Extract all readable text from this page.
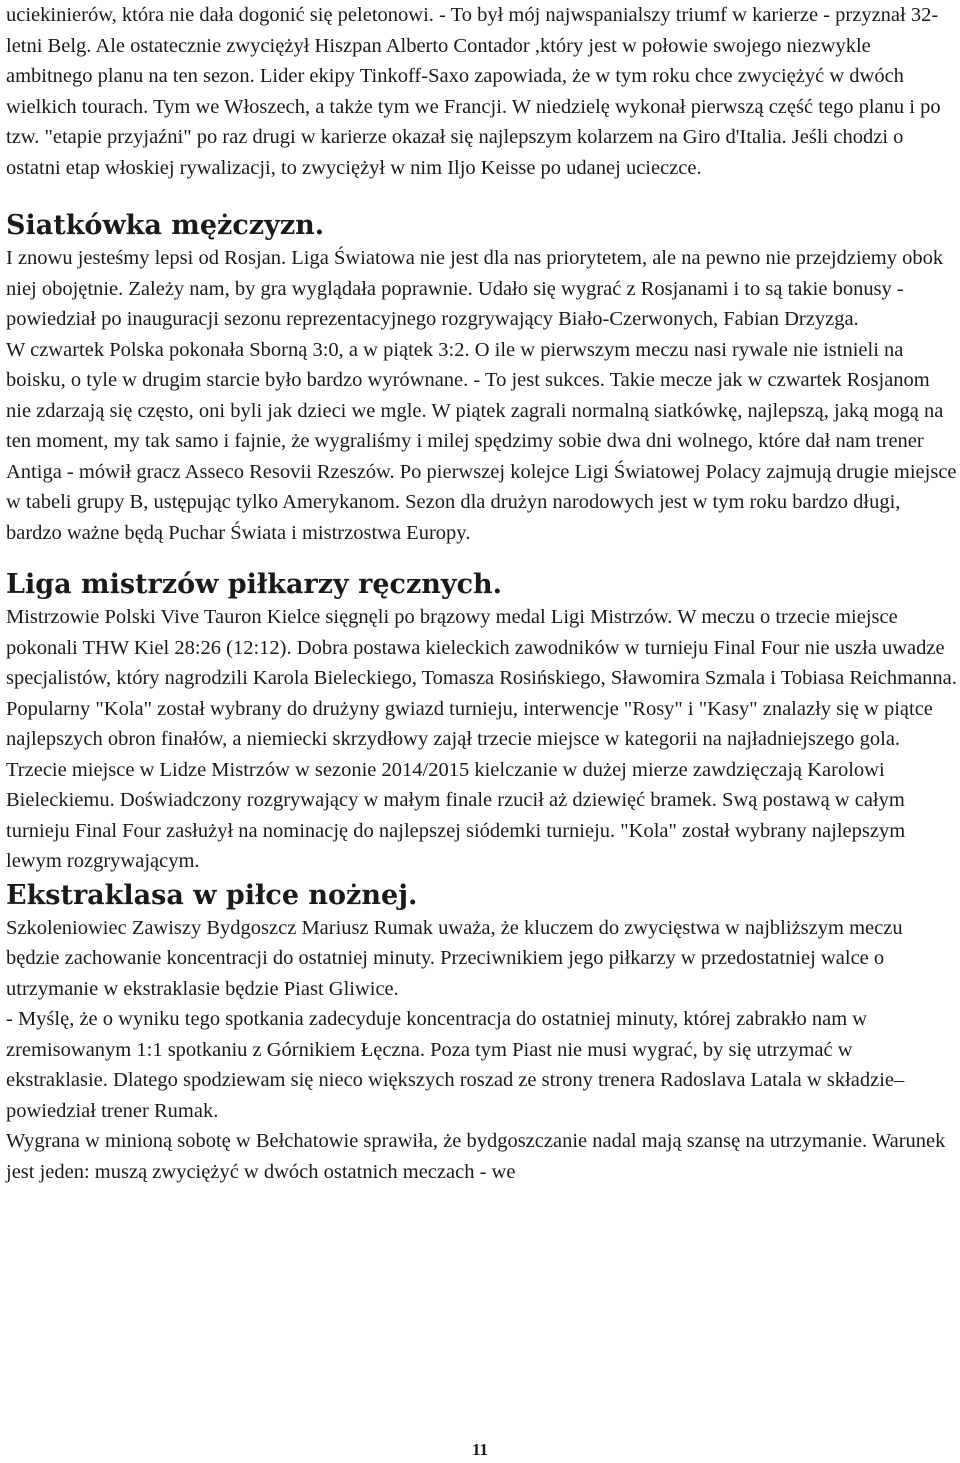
uciekinierów, która nie dała dogonić się peletonowi. - To był mój najwspanialszy triumf w karierze - przyznał 32-letni Belg. Ale ostatecznie zwyciężył Hiszpan Alberto Contador ,który jest w połowie swojego niezwykle ambitnego planu na ten sezon. Lider ekipy Tinkoff-Saxo zapowiada, że w tym roku chce zwyciężyć w dwóch wielkich tourach. Tym we Włoszech, a także tym we Francji. W niedzielę wykonał pierwszą część tego planu i po tzw. "etapie przyjaźni" po raz drugi w karierze okazał się najlepszym kolarzem na Giro d'Italia. Jeśli chodzi o ostatni etap włoskiej rywalizacji, to zwyciężył w nim Iljo Keisse po udanej ucieczce.

Siatkówka mężczyzn.

I znowu jesteśmy lepsi od Rosjan. Liga Światowa nie jest dla nas priorytetem, ale na pewno nie przejdziemy obok niej obojętnie. Zależy nam, by gra wyglądała poprawnie. Udało się wygrać z Rosjanami i to są takie bonusy - powiedział po inauguracji sezonu reprezentacyjnego rozgrywający Biało-Czerwonych, Fabian Drzyzga.

W czwartek Polska pokonała Sborną 3:0, a w piątek 3:2. O ile w pierwszym meczu nasi rywale nie istnieli na boisku, o tyle w drugim starcie było bardzo wyrównane. - To jest sukces. Takie mecze jak w czwartek Rosjanom nie zdarzają się często, oni byli jak dzieci we mgle. W piątek zagrali normalną siatkówkę, najlepszą, jaką mogą na ten moment, my tak samo i fajnie, że wygraliśmy i milej spędzimy sobie dwa dni wolnego, które dał nam trener Antiga - mówił gracz Asseco Resovii Rzeszów. Po pierwszej kolejce Ligi Światowej Polacy zajmują drugie miejsce w tabeli grupy B, ustępując tylko Amerykanom. Sezon dla drużyn narodowych jest w tym roku bardzo długi, bardzo ważne będą Puchar Świata i mistrzostwa Europy.

Liga mistrzów piłkarzy ręcznych.

Mistrzowie Polski Vive Tauron Kielce sięgnęli po brązowy medal Ligi Mistrzów. W meczu o trzecie miejsce pokonali THW Kiel 28:26 (12:12). Dobra postawa kieleckich zawodników w turnieju Final Four nie uszła uwadze specjalistów, który nagrodzili Karola Bieleckiego, Tomasza Rosińskiego, Sławomira Szmala i Tobiasa Reichmanna. Popularny "Kola" został wybrany do drużyny gwiazd turnieju, interwencje "Rosy" i "Kasy" znalazły się w piątce najlepszych obron finałów, a niemiecki skrzydłowy zajął trzecie miejsce w kategorii na najładniejszego gola. Trzecie miejsce w Lidze Mistrzów w sezonie 2014/2015 kielczanie w dużej mierze zawdzięczają Karolowi Bieleckiemu. Doświadczony rozgrywający w małym finale rzucił aż dziewięć bramek. Swą postawą w całym turnieju Final Four zasłużył na nominację do najlepszej siódemki turnieju. "Kola" został wybrany najlepszym lewym rozgrywającym.

Ekstraklasa w piłce nożnej.

Szkoleniowiec Zawiszy Bydgoszcz Mariusz Rumak uważa, że kluczem do zwycięstwa w najbliższym meczu będzie zachowanie koncentracji do ostatniej minuty. Przeciwnikiem jego piłkarzy w przedostatniej walce o utrzymanie w ekstraklasie będzie Piast Gliwice.

- Myślę, że o wyniku tego spotkania zadecyduje koncentracja do ostatniej minuty, której zabrakło nam w zremisowanym 1:1 spotkaniu z Górnikiem Łęczna. Poza tym Piast nie musi wygrać, by się utrzymać w ekstraklasie. Dlatego spodziewam się nieco większych roszad ze strony trenera Radoslava Latala w składzie– powiedział trener Rumak.

Wygrana w minioną sobotę w Bełchatowie sprawiła, że bydgoszczanie nadal mają szansę na utrzymanie. Warunek jest jeden: muszą zwyciężyć w dwóch ostatnich meczach - we

11
